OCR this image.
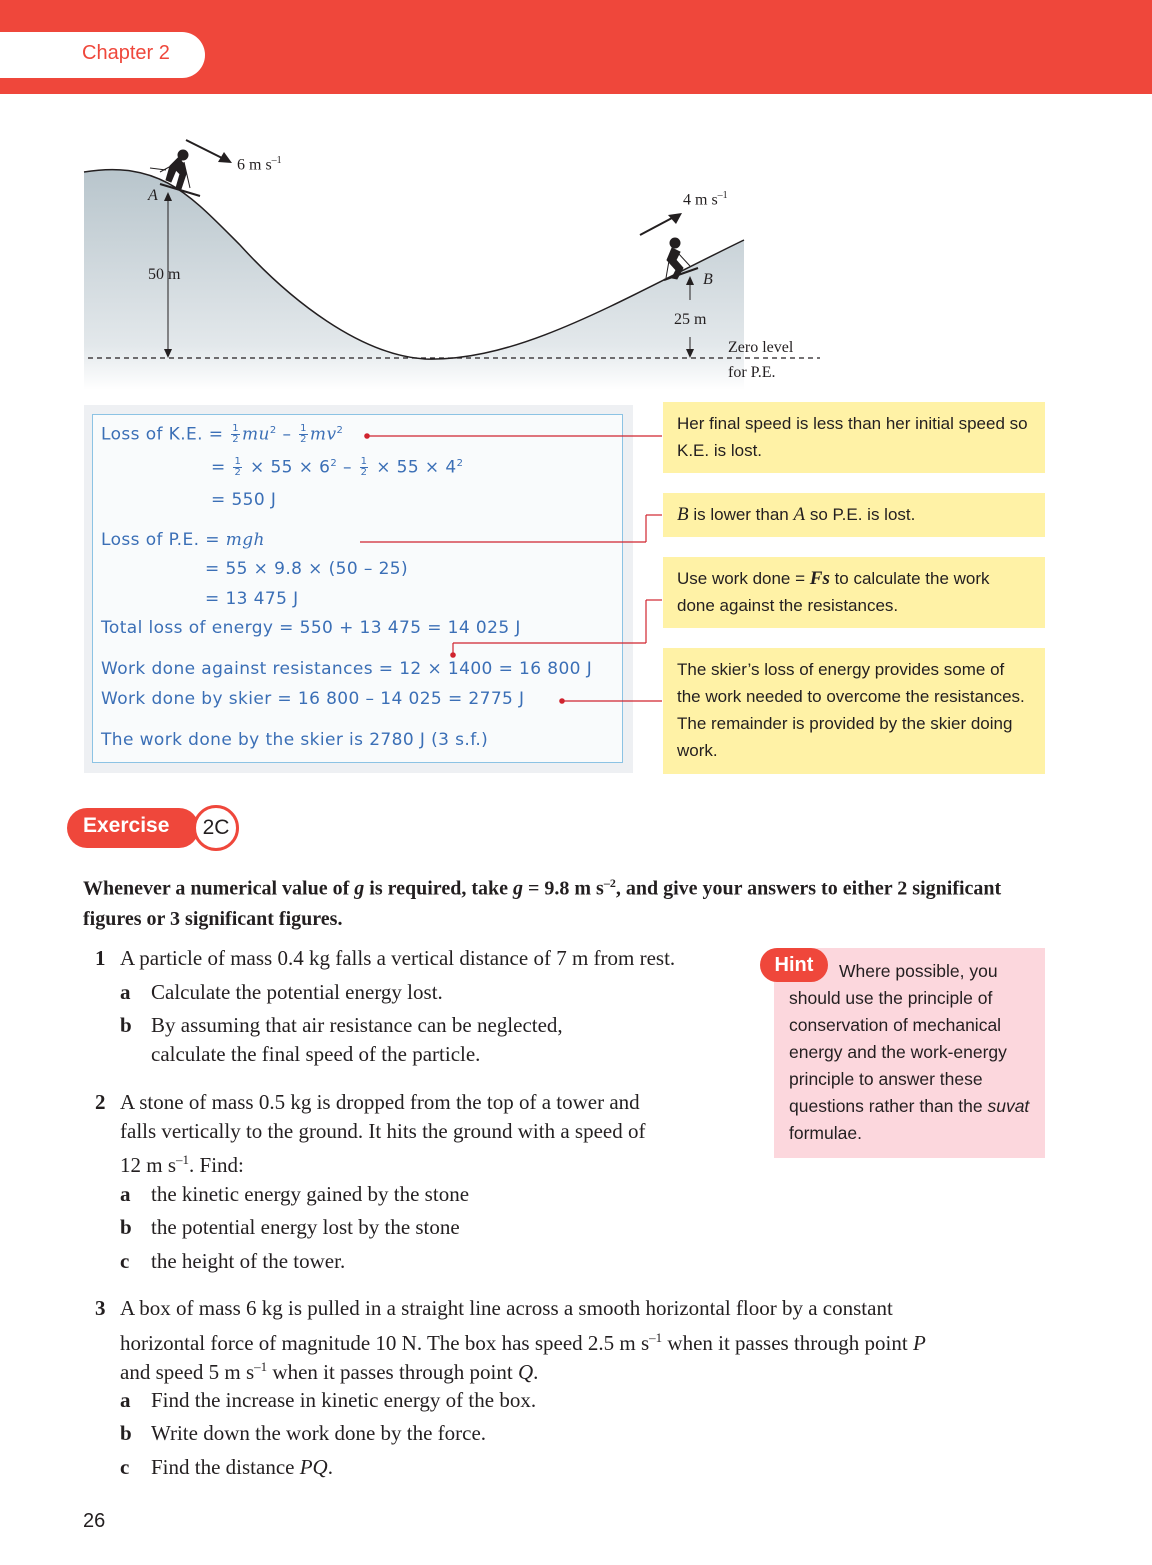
Chapter 2
6 m $s^{-1}$
4 m $s^{-1}$
A
B
50 m
25 m
Zero level
for P.E.
Loss of K.E. = $\frac{1}{2} mu^2 - \frac{1}{2} mv^2$
= $\frac{1}{2} \times 55 \times 6^2 - \frac{1}{2} \times 55 \times 4^2$
= 550 J
Loss of P.E. = mgh
= 55 × 9.8 × (50 – 25)
= 13 475 J
Total loss of energy = 550 + 13 475 = 14 025 J
Work done against resistances = 12 × 1400 = 16 800 J
Work done by skier = 16 800 – 14 025 = 2775 J
The work done by the skier is 2780 J (3 s.f.)
Her final speed is less than her initial speed so K.E. is lost.
B is lower than A so P.E. is lost.
Use work done = Fs to calculate the work done against the resistances.
The skier’s loss of energy provides some of the work needed to overcome the resistances. The remainder is provided by the skier doing work.
Exercise	2C
Whenever a numerical value of g is required, take g = 9.8 m $s^{-2}$, and give your answers to either 2 significant figures or 3 significant figures.
Hint	Where possible, you should use the principle of conservation of mechanical energy and the work-energy principle to answer these questions rather than the suvat formulae.
1 A particle of mass 0.4 kg falls a vertical distance of 7 m from rest.
a Calculate the potential energy lost.
b By assuming that air resistance can be neglected,
calculate the final speed of the particle.
2 A stone of mass 0.5 kg is dropped from the top of a tower and
falls vertically to the ground. It hits the ground with a speed of
12 m $s^{-1}$. Find:
a the kinetic energy gained by the stone
b the potential energy lost by the stone
c the height of the tower.
3 A box of mass 6 kg is pulled in a straight line across a smooth horizontal floor by a constant
horizontal force of magnitude 10 N. The box has speed 2.5 m $s^{-1}$ when it passes through point P
and speed 5 m $s^{-1}$ when it passes through point Q.
a Find the increase in kinetic energy of the box.
b Write down the work done by the force.
c Find the distance PQ.
26
